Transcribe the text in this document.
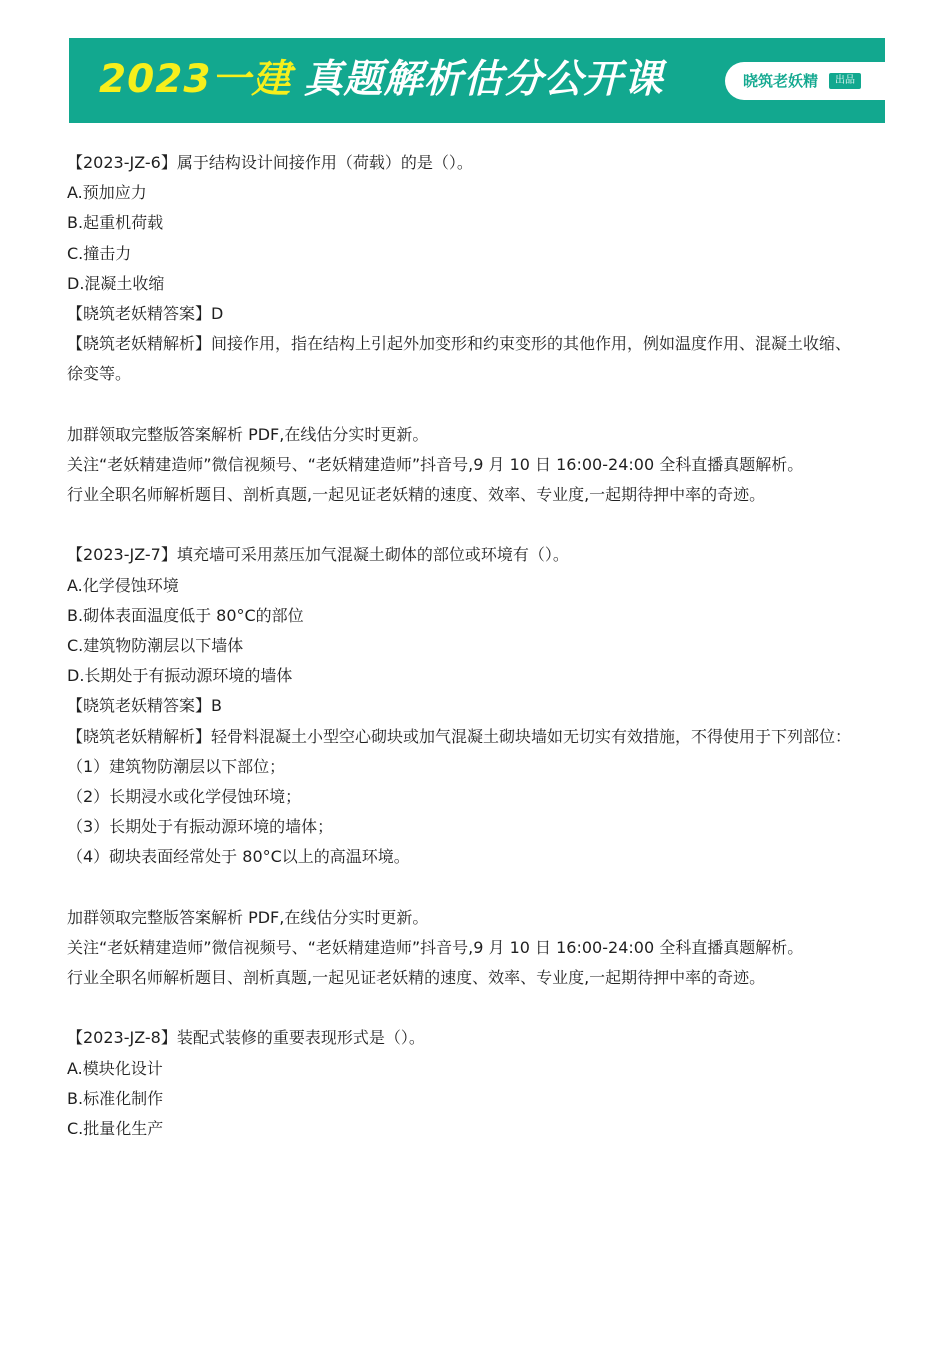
2023一建 真题解析估分公开课	晓筑老妖精	出品
【2023-JZ-6】属于结构设计间接作用（荷载）的是（）。
A.预加应力
B.起重机荷载
C.撞击力
D.混凝土收缩
【晓筑老妖精答案】D
【晓筑老妖精解析】间接作用，指在结构上引起外加变形和约束变形的其他作用，例如温度作用、混凝土收缩、
徐变等。
加群领取完整版答案解析 PDF,在线估分实时更新。
关注“老妖精建造师”微信视频号、“老妖精建造师”抖音号,9 月 10 日 16:00-24:00 全科直播真题解析。
行业全职名师解析题目、剖析真题,一起见证老妖精的速度、效率、专业度,一起期待押中率的奇迹。
【2023-JZ-7】填充墙可采用蒸压加气混凝土砌体的部位或环境有（）。
A.化学侵蚀环境
B.砌体表面温度低于 80°C的部位
C.建筑物防潮层以下墙体
D.长期处于有振动源环境的墙体
【晓筑老妖精答案】B
【晓筑老妖精解析】轻骨料混凝土小型空心砌块或加气混凝土砌块墙如无切实有效措施，不得使用于下列部位：
（1）建筑物防潮层以下部位；
（2）长期浸水或化学侵蚀环境；
（3）长期处于有振动源环境的墙体；
（4）砌块表面经常处于 80°C以上的高温环境。
加群领取完整版答案解析 PDF,在线估分实时更新。
关注“老妖精建造师”微信视频号、“老妖精建造师”抖音号,9 月 10 日 16:00-24:00 全科直播真题解析。
行业全职名师解析题目、剖析真题,一起见证老妖精的速度、效率、专业度,一起期待押中率的奇迹。
【2023-JZ-8】装配式装修的重要表现形式是（）。
A.模块化设计
B.标准化制作
C.批量化生产
